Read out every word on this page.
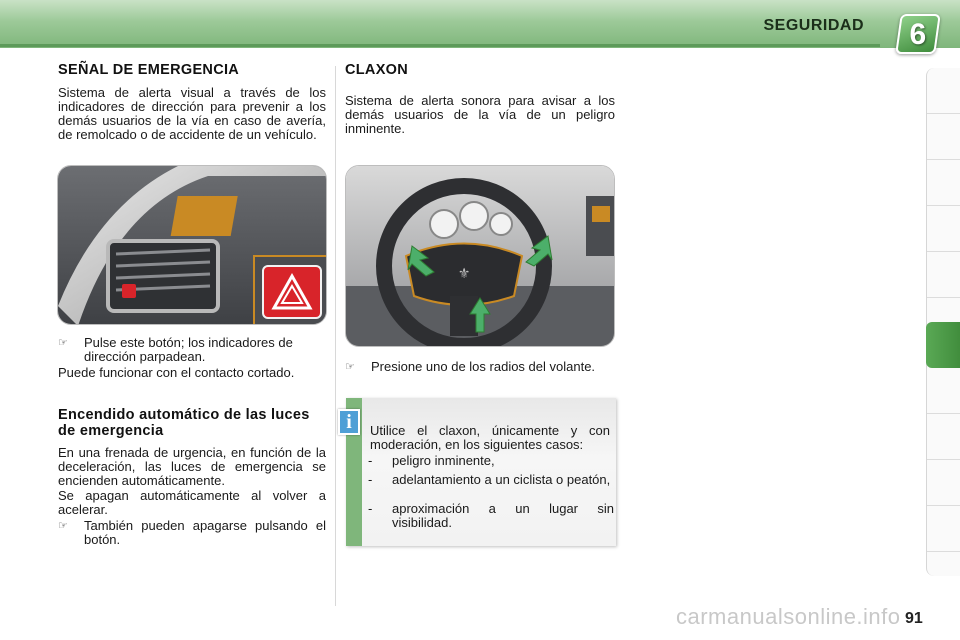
SEGURIDAD	6
SEÑAL DE EMERGENCIA

Sistema de alerta visual a través de los indicadores de dirección para prevenir a los demás usuarios de la vía en caso de avería, de remolcado o de accidente de un vehículo.

☞ Pulse este botón; los indicadores de dirección parpadean.

Puede funcionar con el contacto cortado.

Encendido automático de las luces de emergencia

En una frenada de urgencia, en función de la deceleración, las luces de emergencia se encienden automáticamente.

Se apagan automáticamente al volver a acelerar.

☞ También pueden apagarse pulsando el botón.
CLAXON

Sistema de alerta sonora para avisar a los demás usuarios de la vía de un peligro inminente.

⚜
☞ Presione uno de los radios del volante.

Utilice el claxon, únicamente y con moderación, en los siguientes casos:

- peligro inminente,
- adelantamiento a un ciclista o peatón,
- aproximación a un lugar sin visibilidad.
i
carmanualsonline.info 91
